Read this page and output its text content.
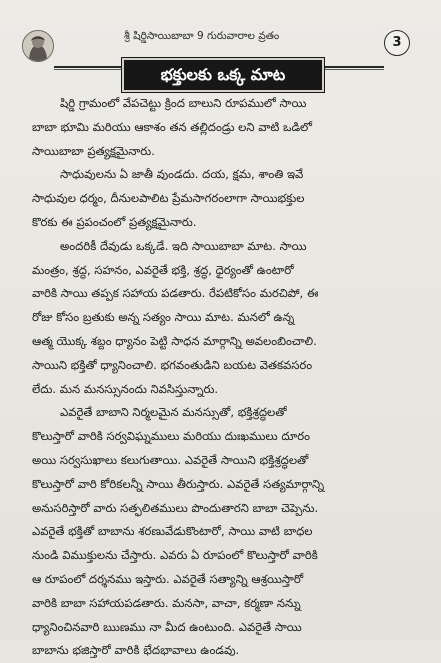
శ్రీ షిర్డిసాయిబాబా 9 గురువారాల వ్రతం	3
భక్తులకు ఒక్క మాట
షిర్డి గ్రామంలో వేపచెట్టు క్రింద బాలుని రూపములో సాయి
బాబా భూమి మరియు ఆకాశం తన తల్లిదండ్రు లని వాటి ఒడిలో
సాయిబాబా ప్రత్యక్షమైనారు.
సాధువులను ఏ జాతీ వుండదు. దయ, క్షమ, శాంతి ఇవే
సాధువుల ధర్మం, దీనులపాలిట ప్రేమసాగరంలాగా సాయిభక్తుల
కొరకు ఈ ప్రపంచంలో ప్రత్యక్షమైనారు.
అందరికీ దేవుడు ఒక్కడే. ఇది సాయిబాబా మాట. సాయి
మంత్రం, శ్రద్ధ, సహనం, ఎవరైతే భక్తి, శ్రద్ధ, ధైర్యంతో ఉంటారో
వారికి సాయి తప్పక సహాయ పడతారు. రేపటికోసం మరచిపో, ఈ
రోజు కోసం బ్రతుకు అన్న సత్యం సాయి మాట. మనలో ఉన్న
ఆత్మ యొక్క శబ్దం ధ్యానం పెట్టి సాధన మార్గాన్ని అవలంబించాలి.
సాయిని భక్తితో ధ్యానించాలి. భగవంతుడిని బయట వెతకవసరం
లేదు. మన మనస్సునందు నివసిస్తున్నారు.
ఎవరైతే బాబాని నిర్మలమైన మనస్సుతో, భక్తిశ్రద్ధలతో
కొలుస్తారో వారికి సర్వవిఘ్నములు మరియు దుఃఖములు దూరం
అయి సర్వసుఖాలు కలుగుతాయి. ఎవరైతే సాయిని భక్తిశ్రద్ధలతో
కొలుస్తారో వారి కోరికలన్నీ సాయి తీరుస్తారు. ఎవరైతే సత్యమార్గాన్ని
అనుసరిస్తారో వారు సత్ఫలితములు పొందుతారని బాబా చెప్పెను.
ఎవరైతే భక్తితో బాబాను శరణువేడుకొంటారో, సాయి వాటి బాధల
నుండి విముక్తులను చేస్తారు. ఎవరు ఏ రూపంలో కొలుస్తారో వారికి
ఆ రూపంలో దర్శనము ఇస్తారు. ఎవరైతే సత్యాన్ని ఆశ్రయిస్తారో
వారికి బాబా సహాయపడతారు. మనసా, వాచా, కర్మణా నన్ను
ధ్యానించినవారి ఋణము నా మీద ఉంటుంది. ఎవరైతే సాయి
బాబాను భజిస్తారో వారికి భేదభావాలు ఉండవు.
